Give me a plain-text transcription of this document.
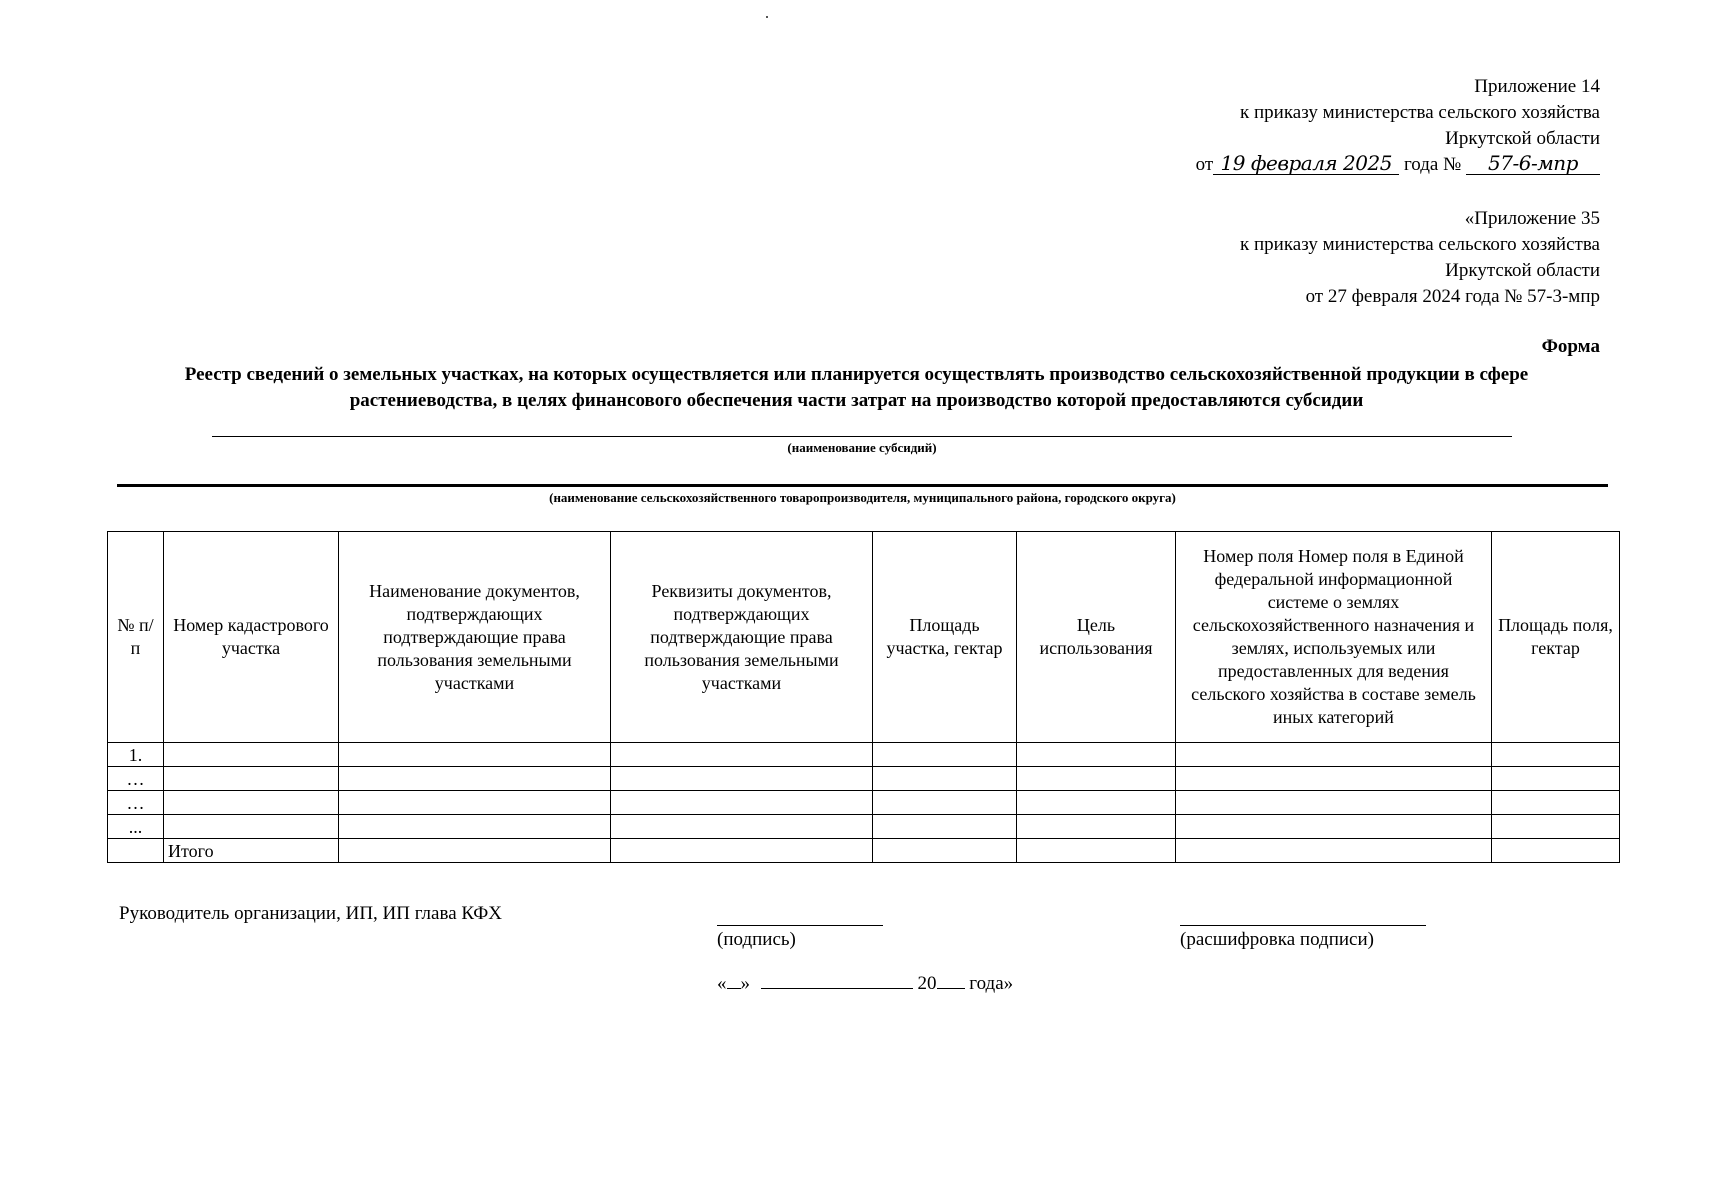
Приложение 14
к приказу министерства сельского хозяйства
Иркутской области
от 19 февраля 2025 года № 57-6-мпр
«Приложение 35
к приказу министерства сельского хозяйства
Иркутской области
от 27 февраля 2024 года № 57-3-мпр
Форма
Реестр сведений о земельных участках, на которых осуществляется или планируется осуществлять производство сельскохозяйственной продукции в сфере растениеводства, в целях финансового обеспечения части затрат на производство которой предоставляются субсидии
(наименование субсидий)
(наименование сельскохозяйственного товаропроизводителя, муниципального района, городского округа)
№ п/п	Номер кадастрового участка	Наименование документов, подтверждающих подтверждающие права пользования земельными участками	Реквизиты документов, подтверждающих подтверждающие права пользования земельными участками	Площадь участка, гектар	Цель использования	Номер поля Номер поля в Единой федеральной информационной системе о землях сельскохозяйственного назначения и землях, используемых или предоставленных для ведения сельского хозяйства в составе земель иных категорий	Площадь поля, гектар
1.							
…							
…							
...							
	Итого						
Руководитель организации, ИП, ИП глава КФХ
(подпись)	(расшифровка подписи)
« »	20 года»
